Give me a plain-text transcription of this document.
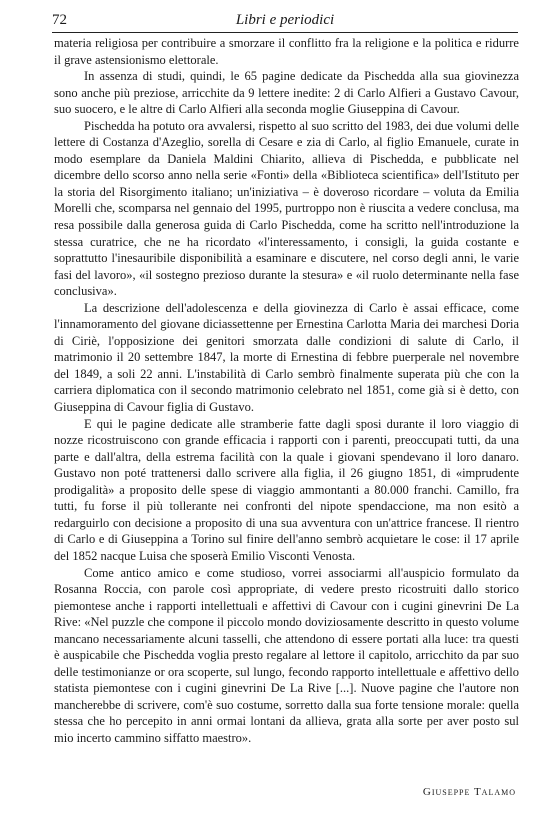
72	Libri e periodici

materia religiosa per contribuire a smorzare il conflitto fra la religione e la politica e ridurre il grave astensionismo elettorale.

In assenza di studi, quindi, le 65 pagine dedicate da Pischedda alla sua giovinezza sono anche più preziose, arricchite da 9 lettere inedite: 2 di Carlo Alfieri a Gustavo Cavour, suo suocero, e le altre di Carlo Alfieri alla seconda moglie Giuseppina di Cavour.

Pischedda ha potuto ora avvalersi, rispetto al suo scritto del 1983, dei due volumi delle lettere di Costanza d'Azeglio, sorella di Cesare e zia di Carlo, al figlio Emanuele, curate in modo esemplare da Daniela Maldini Chiarito, allieva di Pischedda, e pubblicate nel dicembre dello scorso anno nella serie «Fonti» della «Biblioteca scientifica» dell'Istituto per la storia del Risorgimento italiano; un'iniziativa – è doveroso ricordare – voluta da Emilia Morelli che, scomparsa nel gennaio del 1995, purtroppo non è riuscita a vedere conclusa, ma resa possibile dalla generosa guida di Carlo Pischedda, come ha scritto nell'introduzione la stessa curatrice, che ne ha ricordato «l'interessamento, i consigli, la guida costante e soprattutto l'inesauribile disponibilità a esaminare e discutere, nel corso degli anni, le varie fasi del lavoro», «il sostegno prezioso durante la stesura» e «il ruolo determinante nella fase conclusiva».

La descrizione dell'adolescenza e della giovinezza di Carlo è assai efficace, come l'innamoramento del giovane diciassettenne per Ernestina Carlotta Maria dei marchesi Doria di Ciriè, l'opposizione dei genitori smorzata dalle condizioni di salute di Carlo, il matrimonio il 20 settembre 1847, la morte di Ernestina di febbre puerperale nel novembre del 1849, a soli 22 anni. L'instabilità di Carlo sembrò finalmente superata più che con la carriera diplomatica con il secondo matrimonio celebrato nel 1851, come già si è detto, con Giuseppina di Cavour figlia di Gustavo.

E qui le pagine dedicate alle stramberie fatte dagli sposi durante il loro viaggio di nozze ricostruiscono con grande efficacia i rapporti con i parenti, preoccupati tutti, da una parte e dall'altra, della estrema facilità con la quale i giovani spendevano il loro danaro. Gustavo non poté trattenersi dallo scrivere alla figlia, il 26 giugno 1851, di «imprudente prodigalità» a proposito delle spese di viaggio ammontanti a 80.000 franchi. Camillo, fra tutti, fu forse il più tollerante nei confronti del nipote spendaccione, ma non esitò a redarguirlo con decisione a proposito di una sua avventura con un'attrice francese. Il rientro di Carlo e di Giuseppina a Torino sul finire dell'anno sembrò acquietare le cose: il 17 aprile del 1852 nacque Luisa che sposerà Emilio Visconti Venosta.

Come antico amico e come studioso, vorrei associarmi all'auspicio formulato da Rosanna Roccia, con parole così appropriate, di vedere presto ricostruiti dallo storico piemontese anche i rapporti intellettuali e affettivi di Cavour con i cugini ginevrini De La Rive: «Nel puzzle che compone il piccolo mondo doviziosamente descritto in questo volume mancano necessariamente alcuni tasselli, che attendono di essere portati alla luce: tra questi è auspicabile che Pischedda voglia presto regalare al lettore il capitolo, arricchito da par suo delle testimonianze or ora scoperte, sul lungo, fecondo rapporto intellettuale e affettivo dello statista piemontese con i cugini ginevrini De La Rive [...]. Nuove pagine che l'autore non mancherebbe di scrivere, com'è suo costume, sorretto dalla sua forte tensione morale: quella stessa che ho percepito in anni ormai lontani da allieva, grata alla sorte per aver posto sul mio incerto cammino siffatto maestro».

Giuseppe Talamo
